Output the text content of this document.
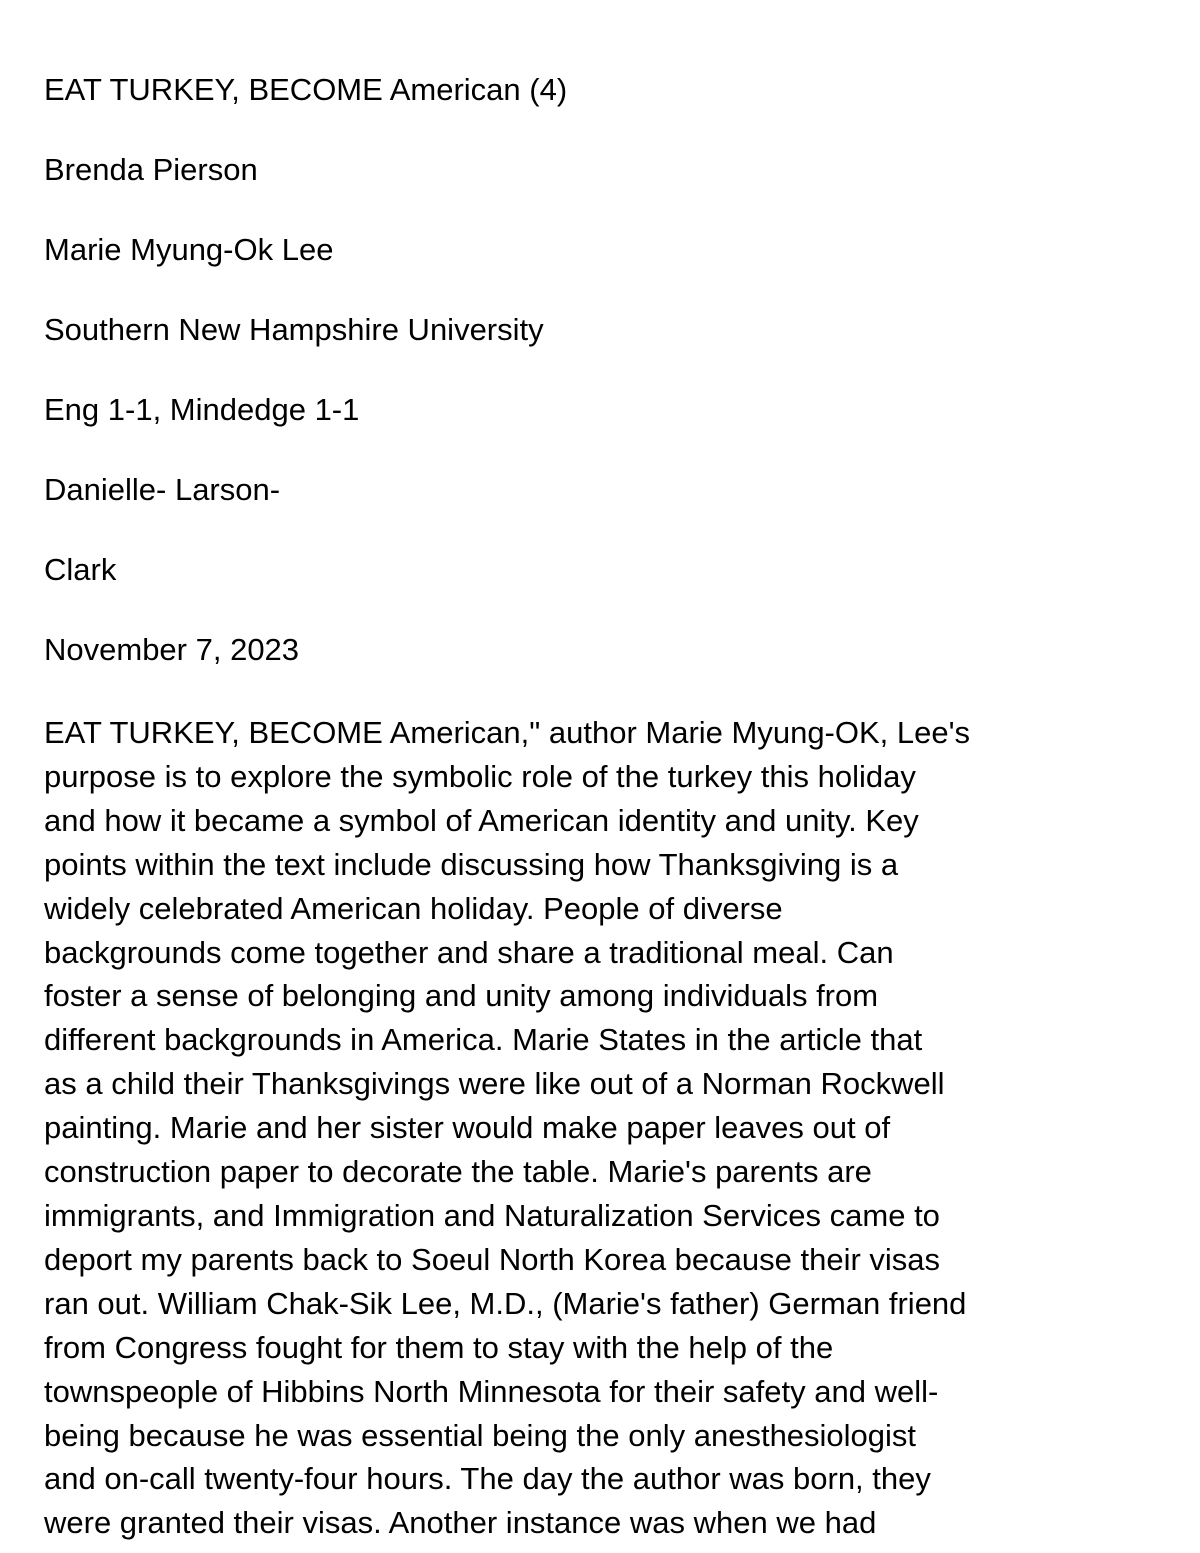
EAT TURKEY, BECOME American (4)

Brenda Pierson

Marie Myung-Ok Lee

Southern New Hampshire University

Eng 1-1, Mindedge 1-1

Danielle- Larson-

Clark

November 7, 2023

EAT TURKEY, BECOME American," author Marie Myung-OK, Lee's
purpose is to explore the symbolic role of the turkey this holiday
and how it became a symbol of American identity and unity. Key
points within the text include discussing how Thanksgiving is a
widely celebrated American holiday. People of diverse
backgrounds come together and share a traditional meal. Can
foster a sense of belonging and unity among individuals from
different backgrounds in America. Marie States in the article that
as a child their Thanksgivings were like out of a Norman Rockwell
painting. Marie and her sister would make paper leaves out of
construction paper to decorate the table. Marie's parents are
immigrants, and Immigration and Naturalization Services came to
deport my parents back to Soeul North Korea because their visas
ran out. William Chak-Sik Lee, M.D., (Marie's father) German friend
from Congress fought for them to stay with the help of the
townspeople of Hibbins North Minnesota for their safety and well-
being because he was essential being the only anesthesiologist
and on-call twenty-four hours. The day the author was born, they
were granted their visas. Another instance was when we had
